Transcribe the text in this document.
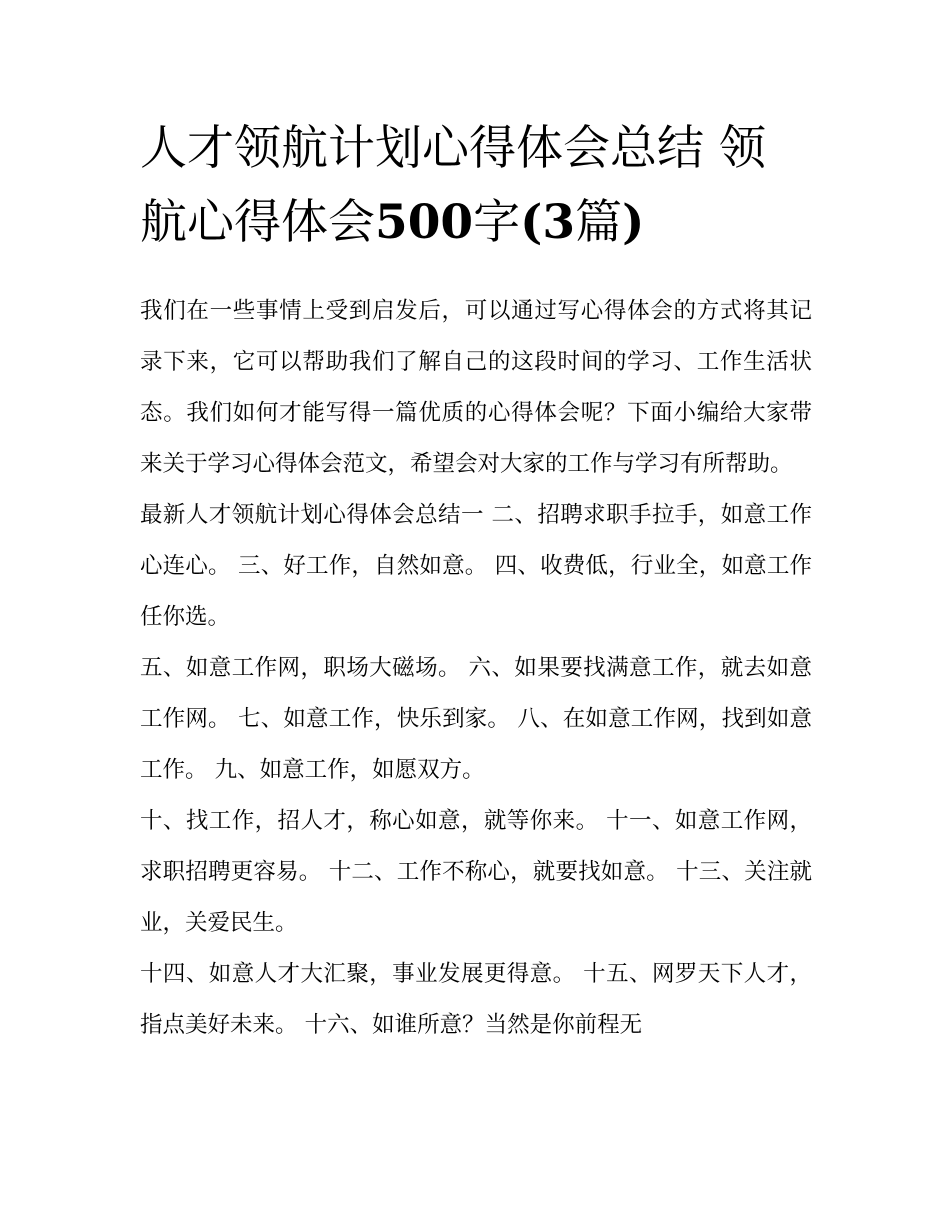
人才领航计划心得体会总结 领航心得体会500字(3篇)

我们在一些事情上受到启发后，可以通过写心得体会的方式将其记录下来，它可以帮助我们了解自己的这段时间的学习、工作生活状态。我们如何才能写得一篇优质的心得体会呢？下面小编给大家带来关于学习心得体会范文，希望会对大家的工作与学习有所帮助。

最新人才领航计划心得体会总结一 二、招聘求职手拉手，如意工作心连心。 三、好工作，自然如意。 四、收费低，行业全，如意工作任你选。

五、如意工作网，职场大磁场。 六、如果要找满意工作，就去如意工作网。 七、如意工作，快乐到家。 八、在如意工作网，找到如意工作。 九、如意工作，如愿双方。

十、找工作，招人才，称心如意，就等你来。 十一、如意工作网，求职招聘更容易。 十二、工作不称心，就要找如意。 十三、关注就业，关爱民生。

十四、如意人才大汇聚，事业发展更得意。 十五、网罗天下人才，指点美好未来。 十六、如谁所意？当然是你前程无
